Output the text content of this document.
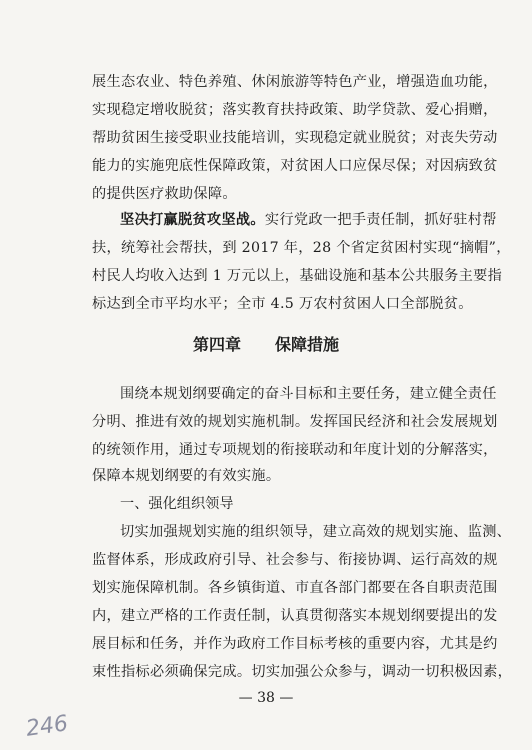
展生态农业、特色养殖、休闲旅游等特色产业，增强造血功能，
实现稳定增收脱贫；落实教育扶持政策、助学贷款、爱心捐赠，
帮助贫困生接受职业技能培训，实现稳定就业脱贫；对丧失劳动
能力的实施兜底性保障政策，对贫困人口应保尽保；对因病致贫
的提供医疗救助保障。
坚决打赢脱贫攻坚战。实行党政一把手责任制，抓好驻村帮
扶，统筹社会帮扶，到 2017 年，28 个省定贫困村实现“摘帽”，
村民人均收入达到 1 万元以上，基础设施和基本公共服务主要指
标达到全市平均水平；全市 4.5 万农村贫困人口全部脱贫。
第四章 保障措施
围绕本规划纲要确定的奋斗目标和主要任务，建立健全责任
分明、推进有效的规划实施机制。发挥国民经济和社会发展规划
的统领作用，通过专项规划的衔接联动和年度计划的分解落实，
保障本规划纲要的有效实施。
一、强化组织领导
切实加强规划实施的组织领导，建立高效的规划实施、监测、
监督体系，形成政府引导、社会参与、衔接协调、运行高效的规
划实施保障机制。各乡镇街道、市直各部门都要在各自职责范围
内，建立严格的工作责任制，认真贯彻落实本规划纲要提出的发
展目标和任务，并作为政府工作目标考核的重要内容，尤其是约
束性指标必须确保完成。切实加强公众参与，调动一切积极因素，
— 38 —
246
